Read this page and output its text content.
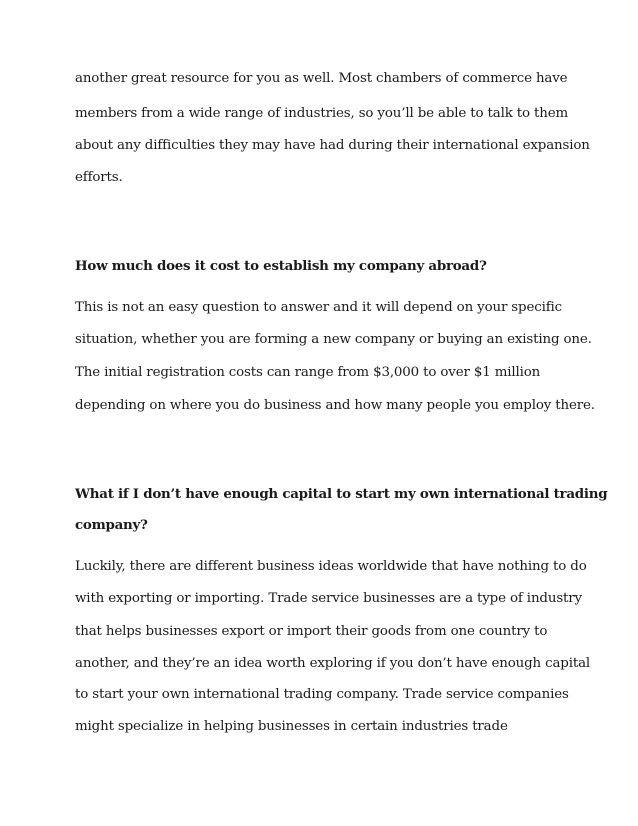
another great resource for you as well. Most chambers of commerce have
members from a wide range of industries, so you’ll be able to talk to them
about any difficulties they may have had during their international expansion
efforts.
How much does it cost to establish my company abroad?
This is not an easy question to answer and it will depend on your specific
situation, whether you are forming a new company or buying an existing one.
The initial registration costs can range from $3,000 to over $1 million
depending on where you do business and how many people you employ there.
What if I don’t have enough capital to start my own international trading
company?
Luckily, there are different business ideas worldwide that have nothing to do
with exporting or importing. Trade service businesses are a type of industry
that helps businesses export or import their goods from one country to
another, and they’re an idea worth exploring if you don’t have enough capital
to start your own international trading company. Trade service companies
might specialize in helping businesses in certain industries trade
